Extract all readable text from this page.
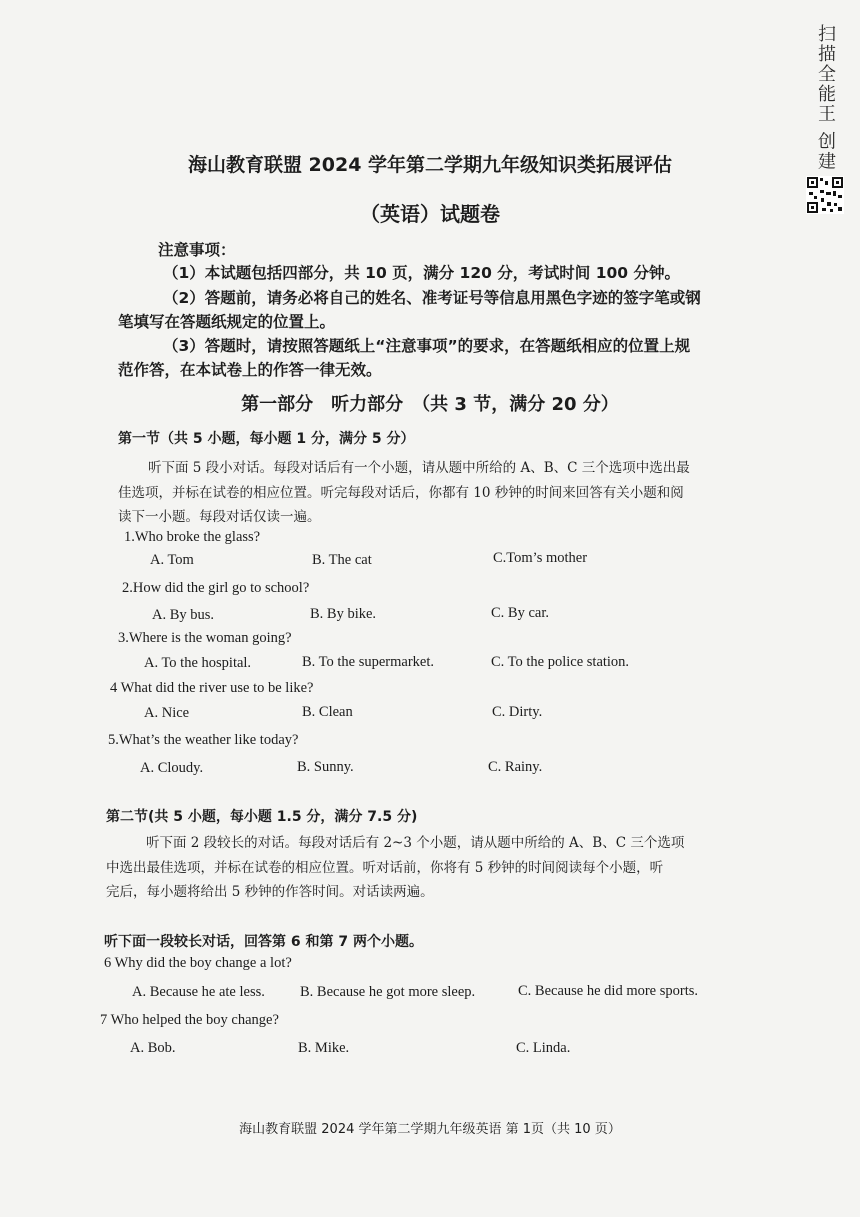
扫描全能王 创建
海山教育联盟 2024 学年第二学期九年级知识类拓展评估
（英语）试题卷
注意事项：
（1）本试题包括四部分，共 10 页，满分 120 分，考试时间 100 分钟。
（2）答题前，请务必将自己的姓名、准考证号等信息用黑色字迹的签字笔或钢
笔填写在答题纸规定的位置上。
（3）答题时，请按照答题纸上“注意事项”的要求，在答题纸相应的位置上规
范作答，在本试卷上的作答一律无效。
第一部分　听力部分　（共 3 节，满分 20 分）
第一节（共 5 小题，每小题 1 分，满分 5 分）
听下面 5 段小对话。每段对话后有一个小题，请从题中所给的 A、B、C 三个选项中选出最
佳选项，并标在试卷的相应位置。听完每段对话后，你都有 10 秒钟的时间来回答有关小题和阅
读下一小题。每段对话仅读一遍。
1.Who broke the glass?
A. Tom	B. The cat	C.Tom’s mother
2.How did the girl go to school?
A. By bus.	B. By bike.	C. By car.
3.Where is the woman going?
A. To the hospital.	B. To the supermarket.	C. To the police station.
4 What did the river use to be like?
A. Nice	B. Clean	C. Dirty.
5.What’s the weather like today?
A. Cloudy.	B. Sunny.	C. Rainy.
第二节(共 5 小题，每小题 1.5 分，满分 7.5 分)
听下面 2 段较长的对话。每段对话后有 2~3 个小题，请从题中所给的 A、B、C 三个选项
中选出最佳选项，并标在试卷的相应位置。听对话前，你将有 5 秒钟的时间阅读每个小题，听
完后，每小题将给出 5 秒钟的作答时间。对话读两遍。
听下面一段较长对话，回答第 6 和第 7 两个小题。
6 Why did the boy change a lot?
A. Because he ate less. B. Because he got more sleep.	C. Because he did more sports.
7 Who helped the boy change?
A. Bob.	B. Mike.	C. Linda.
海山教育联盟 2024 学年第二学期九年级英语 第 1页（共 10 页）
